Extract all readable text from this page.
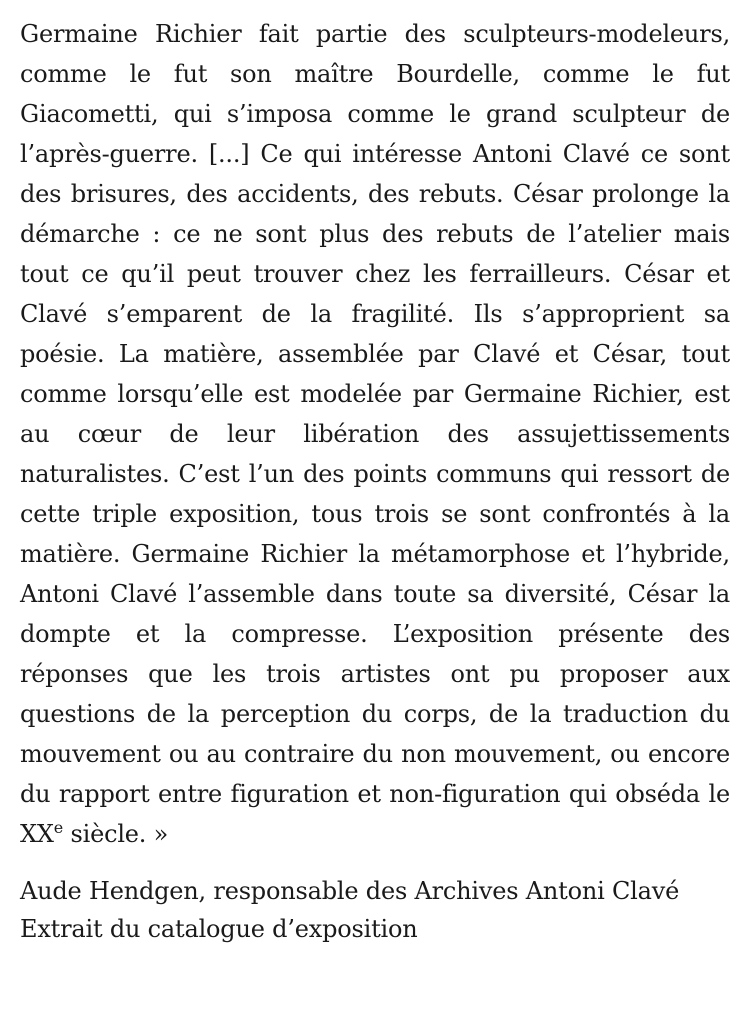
Germaine Richier fait partie des sculpteurs-modeleurs, comme le fut son maître Bourdelle, comme le fut Giacometti, qui s’imposa comme le grand sculpteur de l’après-guerre. [...] Ce qui intéresse Antoni Clavé ce sont des brisures, des accidents, des rebuts. César prolonge la démarche : ce ne sont plus des rebuts de l’atelier mais tout ce qu’il peut trouver chez les ferrailleurs. César et Clavé s’emparent de la fragilité. Ils s’approprient sa poésie. La matière, assemblée par Clavé et César, tout comme lorsqu’elle est modelée par Germaine Richier, est au cœur de leur libération des assujettissements naturalistes. C’est l’un des points communs qui ressort de cette triple exposition, tous trois se sont confrontés à la matière. Germaine Richier la métamorphose et l’hybride, Antoni Clavé l’assemble dans toute sa diversité, César la dompte et la compresse. L’exposition présente des réponses que les trois artistes ont pu proposer aux questions de la perception du corps, de la traduction du mouvement ou au contraire du non mouvement, ou encore du rapport entre figuration et non-figuration qui obséda le XXe siècle. »

Aude Hendgen, responsable des Archives Antoni Clavé
Extrait du catalogue d’exposition
